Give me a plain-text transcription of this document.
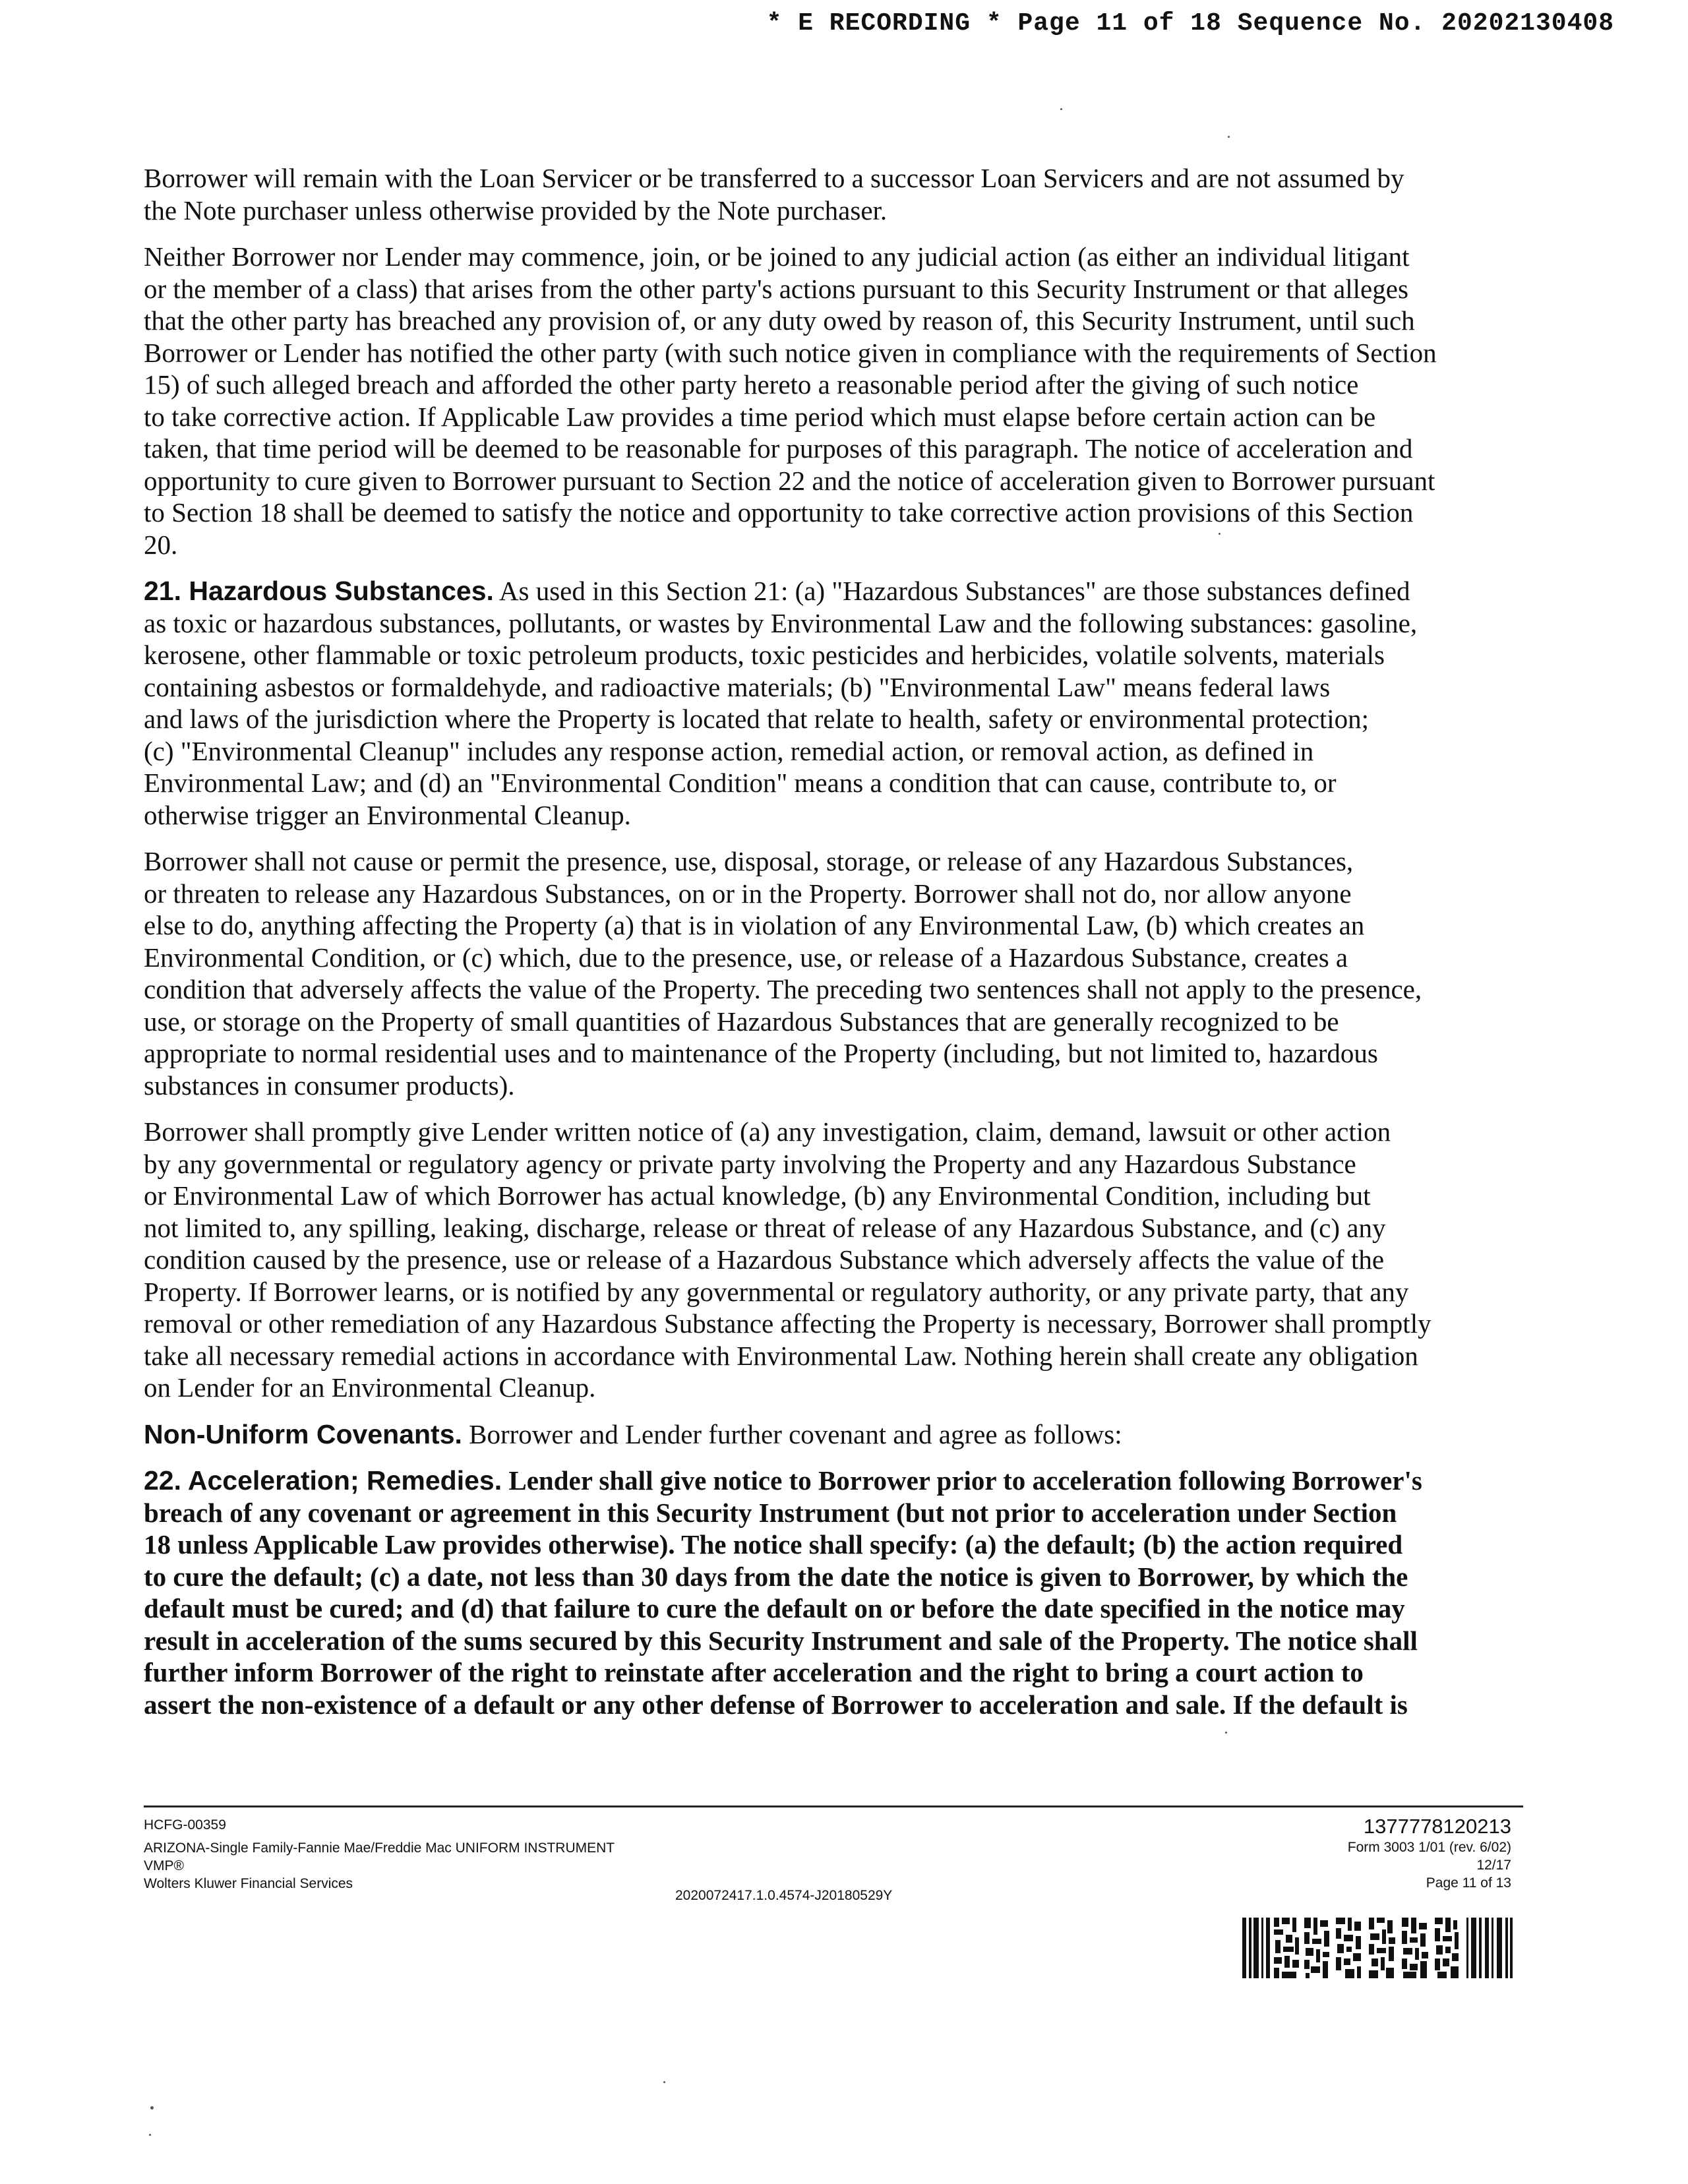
* E RECORDING * Page 11 of 18 Sequence No. 20202130408

Borrower will remain with the Loan Servicer or be transferred to a successor Loan Servicers and are not assumed by
the Note purchaser unless otherwise provided by the Note purchaser.

Neither Borrower nor Lender may commence, join, or be joined to any judicial action (as either an individual litigant
or the member of a class) that arises from the other party's actions pursuant to this Security Instrument or that alleges
that the other party has breached any provision of, or any duty owed by reason of, this Security Instrument, until such
Borrower or Lender has notified the other party (with such notice given in compliance with the requirements of Section
15) of such alleged breach and afforded the other party hereto a reasonable period after the giving of such notice
to take corrective action. If Applicable Law provides a time period which must elapse before certain action can be
taken, that time period will be deemed to be reasonable for purposes of this paragraph. The notice of acceleration and
opportunity to cure given to Borrower pursuant to Section 22 and the notice of acceleration given to Borrower pursuant
to Section 18 shall be deemed to satisfy the notice and opportunity to take corrective action provisions of this Section
20.

21. Hazardous Substances. As used in this Section 21: (a) "Hazardous Substances" are those substances defined
as toxic or hazardous substances, pollutants, or wastes by Environmental Law and the following substances: gasoline,
kerosene, other flammable or toxic petroleum products, toxic pesticides and herbicides, volatile solvents, materials
containing asbestos or formaldehyde, and radioactive materials; (b) "Environmental Law" means federal laws
and laws of the jurisdiction where the Property is located that relate to health, safety or environmental protection;
(c) "Environmental Cleanup" includes any response action, remedial action, or removal action, as defined in
Environmental Law; and (d) an "Environmental Condition" means a condition that can cause, contribute to, or
otherwise trigger an Environmental Cleanup.

Borrower shall not cause or permit the presence, use, disposal, storage, or release of any Hazardous Substances,
or threaten to release any Hazardous Substances, on or in the Property. Borrower shall not do, nor allow anyone
else to do, anything affecting the Property (a) that is in violation of any Environmental Law, (b) which creates an
Environmental Condition, or (c) which, due to the presence, use, or release of a Hazardous Substance, creates a
condition that adversely affects the value of the Property. The preceding two sentences shall not apply to the presence,
use, or storage on the Property of small quantities of Hazardous Substances that are generally recognized to be
appropriate to normal residential uses and to maintenance of the Property (including, but not limited to, hazardous
substances in consumer products).

Borrower shall promptly give Lender written notice of (a) any investigation, claim, demand, lawsuit or other action
by any governmental or regulatory agency or private party involving the Property and any Hazardous Substance
or Environmental Law of which Borrower has actual knowledge, (b) any Environmental Condition, including but
not limited to, any spilling, leaking, discharge, release or threat of release of any Hazardous Substance, and (c) any
condition caused by the presence, use or release of a Hazardous Substance which adversely affects the value of the
Property. If Borrower learns, or is notified by any governmental or regulatory authority, or any private party, that any
removal or other remediation of any Hazardous Substance affecting the Property is necessary, Borrower shall promptly
take all necessary remedial actions in accordance with Environmental Law. Nothing herein shall create any obligation
on Lender for an Environmental Cleanup.

Non-Uniform Covenants. Borrower and Lender further covenant and agree as follows:

22. Acceleration; Remedies. Lender shall give notice to Borrower prior to acceleration following Borrower's
breach of any covenant or agreement in this Security Instrument (but not prior to acceleration under Section
18 unless Applicable Law provides otherwise). The notice shall specify: (a) the default; (b) the action required
to cure the default; (c) a date, not less than 30 days from the date the notice is given to Borrower, by which the
default must be cured; and (d) that failure to cure the default on or before the date specified in the notice may
result in acceleration of the sums secured by this Security Instrument and sale of the Property. The notice shall
further inform Borrower of the right to reinstate after acceleration and the right to bring a court action to
assert the non-existence of a default or any other defense of Borrower to acceleration and sale. If the default is

HCFG-00359
ARIZONA-Single Family-Fannie Mae/Freddie Mac UNIFORM INSTRUMENT
VMP®
Wolters Kluwer Financial Services
2020072417.1.0.4574-J20180529Y
1377778120213
Form 3003 1/01 (rev. 6/02)
12/17
Page 11 of 13
